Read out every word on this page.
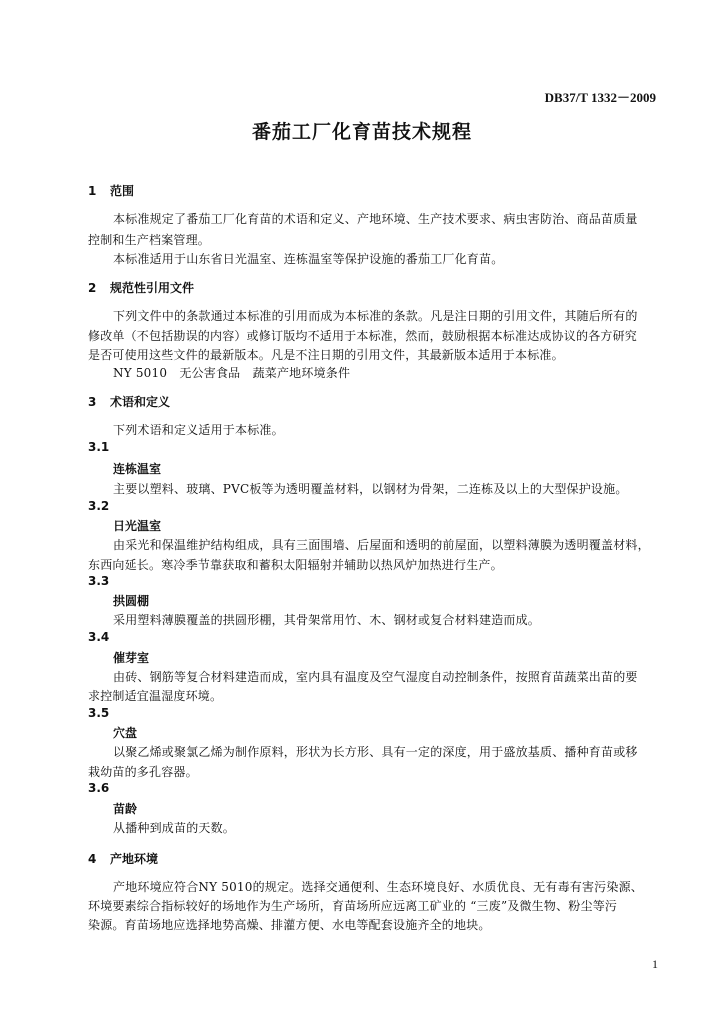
DB37/T 1332－2009
番茄工厂化育苗技术规程
1 范围
本标准规定了番茄工厂化育苗的术语和定义、产地环境、生产技术要求、病虫害防治、商品苗质量
控制和生产档案管理。
本标准适用于山东省日光温室、连栋温室等保护设施的番茄工厂化育苗。
2 规范性引用文件
下列文件中的条款通过本标准的引用而成为本标准的条款。凡是注日期的引用文件，其随后所有的
修改单（不包括勘误的内容）或修订版均不适用于本标准，然而，鼓励根据本标准达成协议的各方研究
是否可使用这些文件的最新版本。凡是不注日期的引用文件，其最新版本适用于本标准。
NY 5010　无公害食品　蔬菜产地环境条件
3 术语和定义
下列术语和定义适用于本标准。
3.1
连栋温室
主要以塑料、玻璃、PVC板等为透明覆盖材料，以钢材为骨架，二连栋及以上的大型保护设施。
3.2
日光温室
由采光和保温维护结构组成，具有三面围墙、后屋面和透明的前屋面，以塑料薄膜为透明覆盖材料，
东西向延长。寒冷季节靠获取和蓄积太阳辐射并辅助以热风炉加热进行生产。
3.3
拱圆棚
采用塑料薄膜覆盖的拱圆形棚，其骨架常用竹、木、钢材或复合材料建造而成。
3.4
催芽室
由砖、钢筋等复合材料建造而成，室内具有温度及空气湿度自动控制条件，按照育苗蔬菜出苗的要
求控制适宜温湿度环境。
3.5
穴盘
以聚乙烯或聚氯乙烯为制作原料，形状为长方形、具有一定的深度，用于盛放基质、播种育苗或移
栽幼苗的多孔容器。
3.6
苗龄
从播种到成苗的天数。
4 产地环境
产地环境应符合NY 5010的规定。选择交通便利、生态环境良好、水质优良、无有毒有害污染源、
环境要素综合指标较好的场地作为生产场所，育苗场所应远离工矿业的 “三废”及微生物、粉尘等污
染源。育苗场地应选择地势高燥、排灌方便、水电等配套设施齐全的地块。
1
